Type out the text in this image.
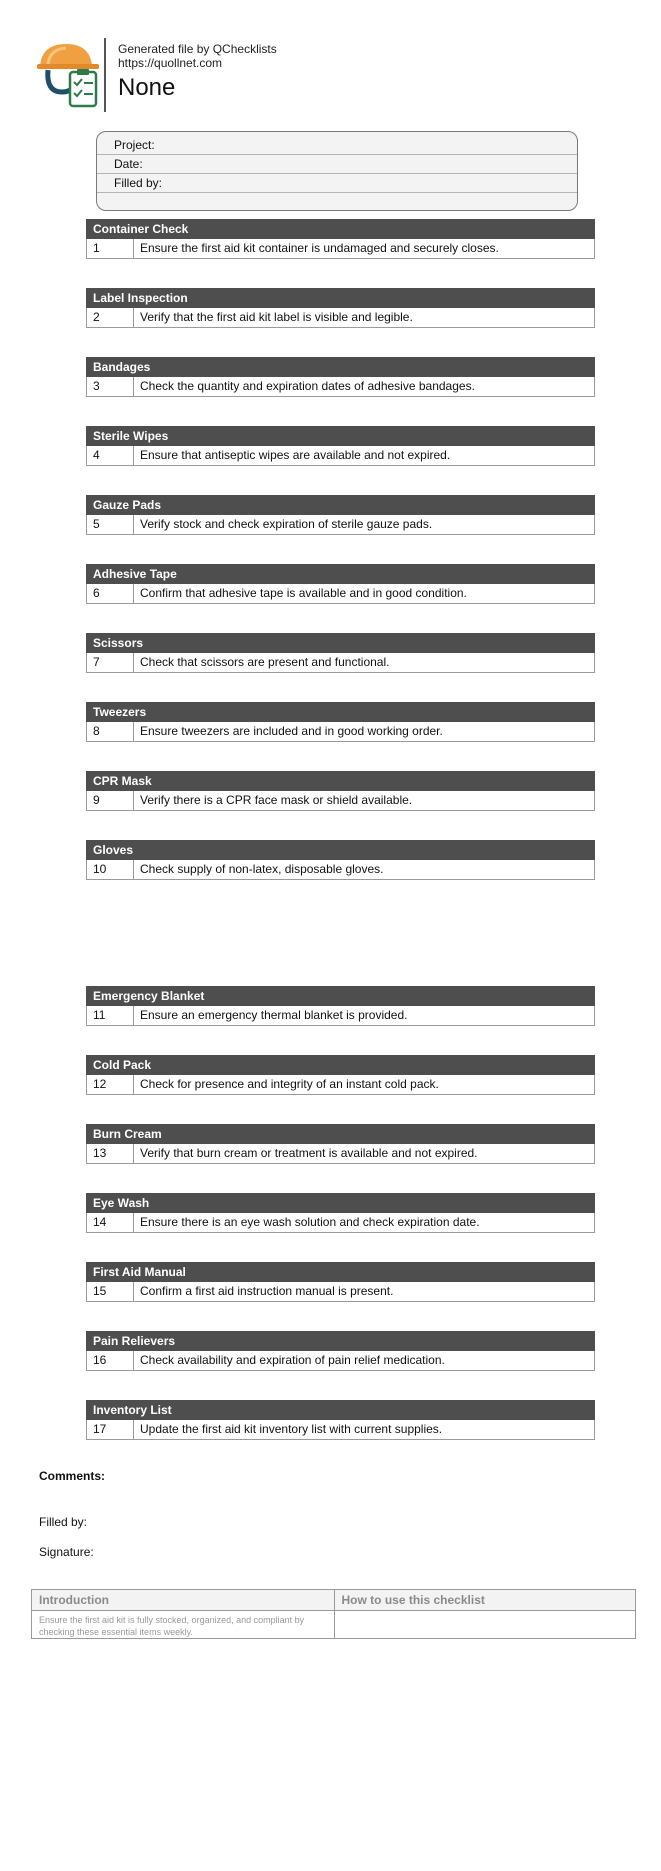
Generated file by QChecklists
https://quollnet.com
None
Project:
Date:
Filled by:
Container Check
1	Ensure the first aid kit container is undamaged and securely closes.
Label Inspection
2	Verify that the first aid kit label is visible and legible.
Bandages
3	Check the quantity and expiration dates of adhesive bandages.
Sterile Wipes
4	Ensure that antiseptic wipes are available and not expired.
Gauze Pads
5	Verify stock and check expiration of sterile gauze pads.
Adhesive Tape
6	Confirm that adhesive tape is available and in good condition.
Scissors
7	Check that scissors are present and functional.
Tweezers
8	Ensure tweezers are included and in good working order.
CPR Mask
9	Verify there is a CPR face mask or shield available.
Gloves
10	Check supply of non-latex, disposable gloves.
Emergency Blanket
11	Ensure an emergency thermal blanket is provided.
Cold Pack
12	Check for presence and integrity of an instant cold pack.
Burn Cream
13	Verify that burn cream or treatment is available and not expired.
Eye Wash
14	Ensure there is an eye wash solution and check expiration date.
First Aid Manual
15	Confirm a first aid instruction manual is present.
Pain Relievers
16	Check availability and expiration of pain relief medication.
Inventory List
17	Update the first aid kit inventory list with current supplies.
Comments:
Filled by:
Signature:
Introduction	How to use this checklist
Ensure the first aid kit is fully stocked, organized, and compliant by checking these essential items weekly.
